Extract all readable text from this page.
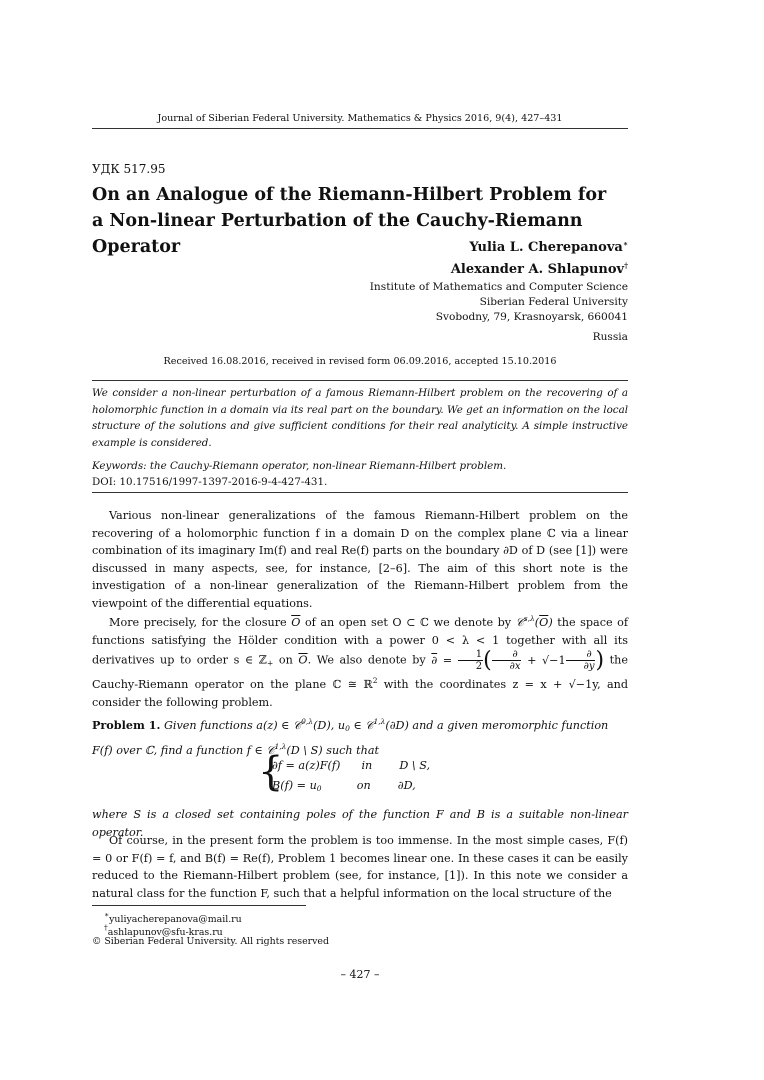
Journal of Siberian Federal University. Mathematics & Physics 2016, 9(4), 427–431
УДК 517.95
On an Analogue of the Riemann-Hilbert Problem for
a Non-linear Perturbation of the Cauchy-Riemann Operator	Yulia L. Cherepanova∗
Alexander A. Shlapunov†
Institute of Mathematics and Computer Science
Siberian Federal University
Svobodny, 79, Krasnoyarsk, 660041
Russia
Received 16.08.2016, received in revised form 06.09.2016, accepted 15.10.2016
We consider a non-linear perturbation of a famous Riemann-Hilbert problem on the recovering of a holomorphic function in a domain via its real part on the boundary. We get an information on the local structure of the solutions and give sufficient conditions for their real analyticity. A simple instructive example is considered.
Keywords: the Cauchy-Riemann operator, non-linear Riemann-Hilbert problem.
DOI: 10.17516/1997-1397-2016-9-4-427-431.
Various non-linear generalizations of the famous Riemann-Hilbert problem on the recovering of a holomorphic function f in a domain D on the complex plane ℂ via a linear combination of its imaginary Im(f) and real Re(f) parts on the boundary ∂D of D (see [1]) were discussed in many aspects, see, for instance, [2–6]. The aim of this short note is the investigation of a non-linear generalization of the Riemann-Hilbert problem from the viewpoint of the differential equations.
More precisely, for the closure $\overline{O}$ of an open set O ⊂ ℂ we denote by $𝒞^{s,\lambda}(\overline{O})$ the space of functions satisfying the Hölder condition with a power 0 < λ < 1 together with all its derivatives up to order s ∈ ℤ$_+$ on $\overline{O}$. We also denote by ∂ = $\frac{1}{2}$ ( $\frac{\partial}{\partial x} + √-1 \frac{\partial}{\partial y}$ ) the Cauchy-Riemann operator on the plane ℂ ≅ ℝ$^2$ with the coordinates z = x + √−1y, and consider the following problem.
Problem 1. Given functions a(z) ∈ 𝒞$^{0,\lambda}$(D), $u_0$ ∈ 𝒞$^{1,\lambda}$(∂D) and a given meromorphic function F(f) over ℂ, find a function f ∈ 𝒞$^{1,\lambda}$(D \ S) such that
{
∂f = a(z)F(f) in D \ S,
$B(f) = u_0$	on ∂D,
where S is a closed set containing poles of the function F and B is a suitable non-linear operator.
Of course, in the present form the problem is too immense. In the most simple cases, F(f) = 0 or F(f) = f, and B(f) = Re(f), Problem 1 becomes linear one. In these cases it can be easily reduced to the Riemann-Hilbert problem (see, for instance, [1]). In this note we consider a natural class for the function F, such that a helpful information on the local structure of the
∗yuliyacherepanova@mail.ru
†ashlapunov@sfu-kras.ru
© Siberian Federal University. All rights reserved
– 427 –
